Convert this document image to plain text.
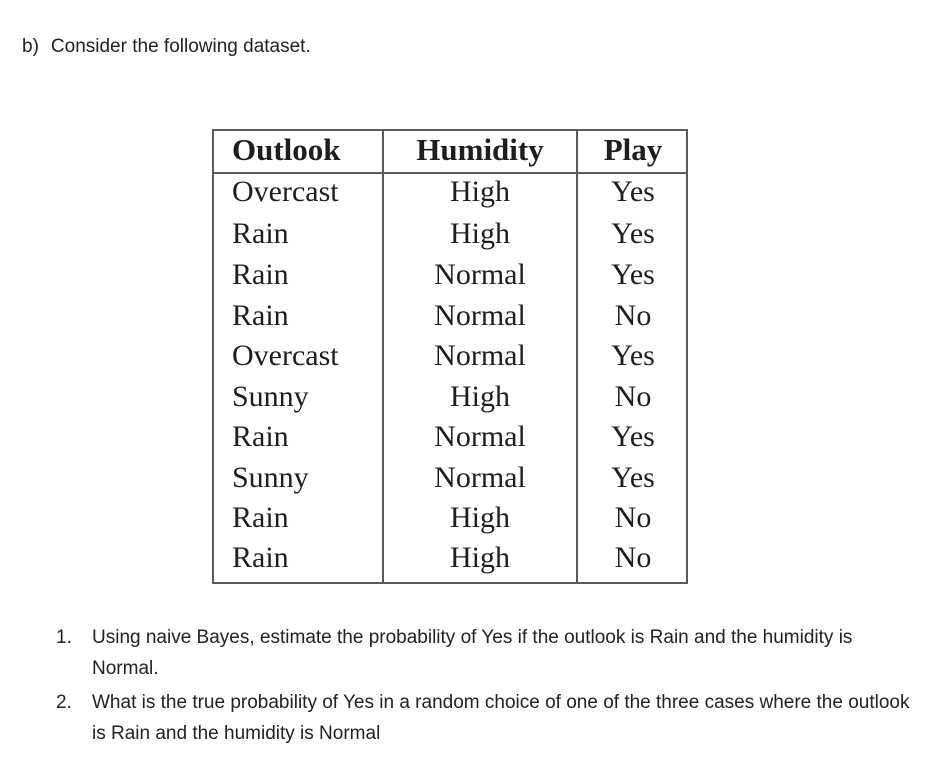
b) Consider the following dataset.
Outlook	Humidity	Play
Overcast	High	Yes
Rain	High	Yes
Rain	Normal	Yes
Rain	Normal	No
Overcast	Normal	Yes
Sunny	High	No
Rain	Normal	Yes
Sunny	Normal	Yes
Rain	High	No
Rain	High	No
1. Using naive Bayes, estimate the probability of Yes if the outlook is Rain and the humidity is Normal.
2. What is the true probability of Yes in a random choice of one of the three cases where the outlook is Rain and the humidity is Normal
